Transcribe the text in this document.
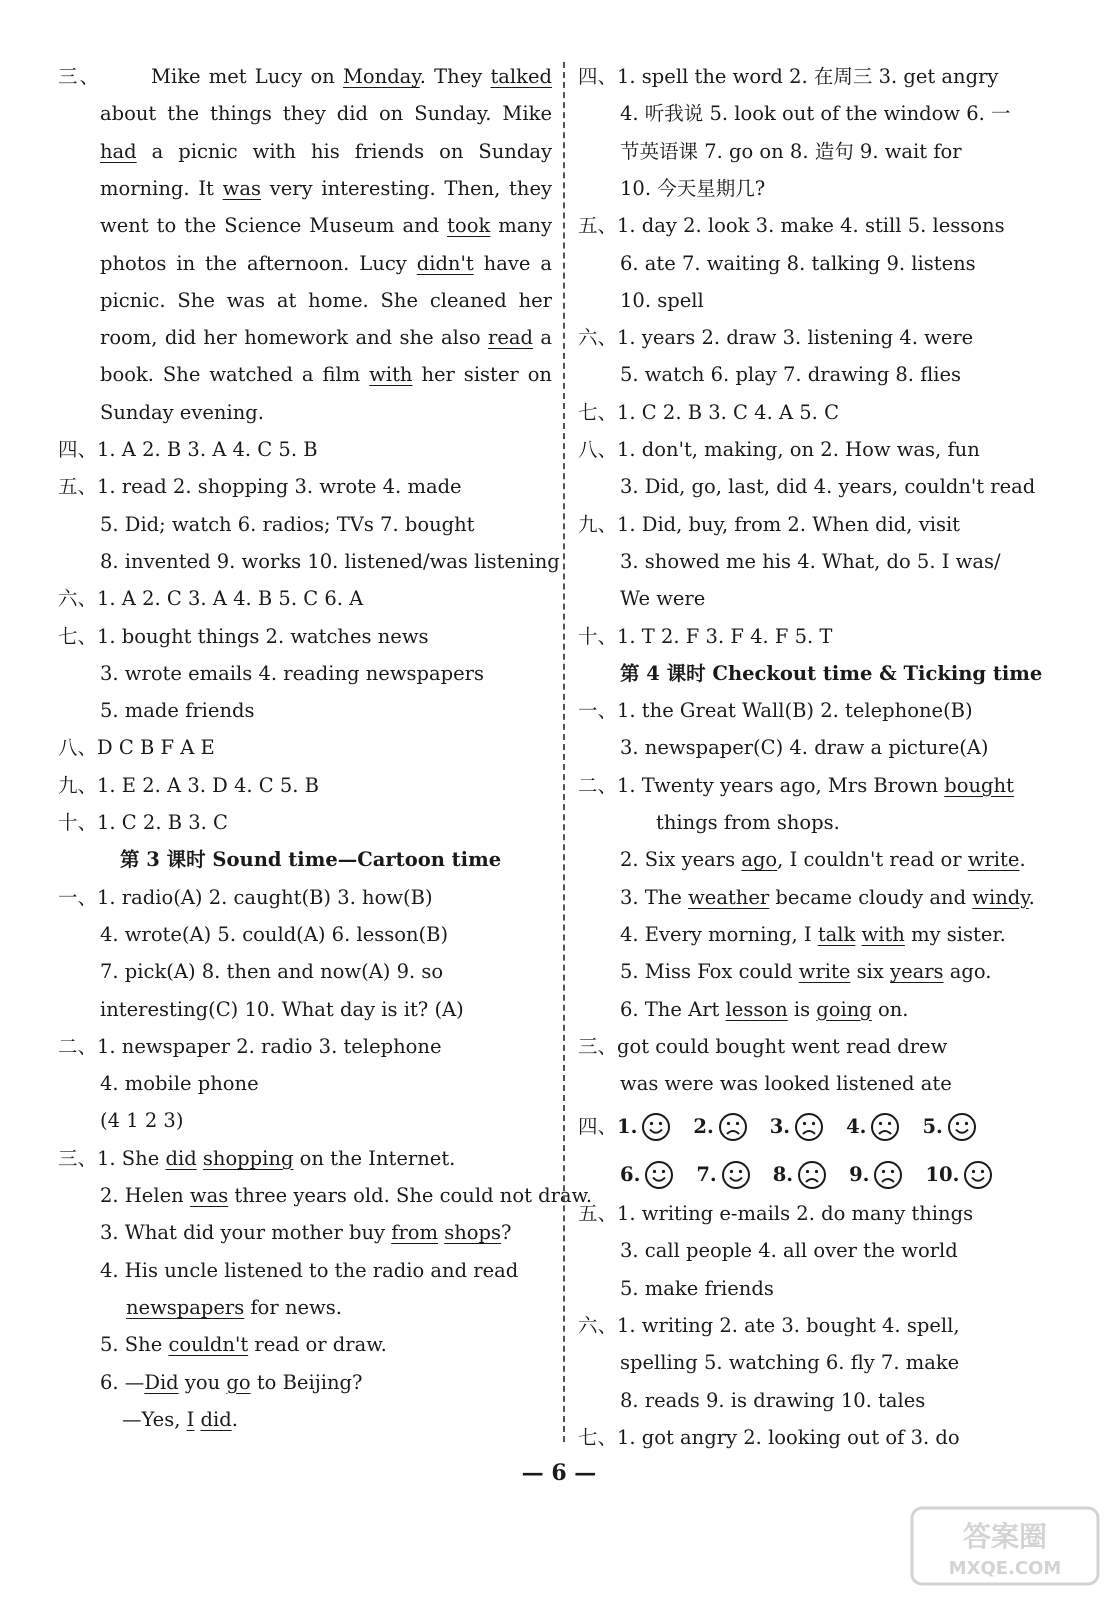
三、	Mike met Lucy on Monday. They talked
about the things they did on Sunday. Mike
had a picnic with his friends on Sunday
morning. It was very interesting. Then, they
went to the Science Museum and took many
photos in the afternoon. Lucy didn't have a
picnic. She was at home. She cleaned her
room, did her homework and she also read a
book. She watched a film with her sister on
Sunday evening.
四、1. A 2. B 3. A 4. C 5. B
五、1. read 2. shopping 3. wrote 4. made
5. Did; watch 6. radios; TVs 7. bought
8. invented 9. works 10. listened/was listening
六、1. A 2. C 3. A 4. B 5. C 6. A
七、1. bought things 2. watches news
3. wrote emails 4. reading newspapers
5. made friends
八、D C B F A E
九、1. E 2. A 3. D 4. C 5. B
十、1. C 2. B 3. C
第 3 课时 Sound time—Cartoon time
一、1. radio(A) 2. caught(B) 3. how(B)
4. wrote(A) 5. could(A) 6. lesson(B)
7. pick(A) 8. then and now(A) 9. so
interesting(C) 10. What day is it? (A)
二、1. newspaper 2. radio 3. telephone
4. mobile phone
(4 1 2 3)
三、1. She did shopping on the Internet.
2. Helen was three years old. She could not draw.
3. What did your mother buy from shops?
4. His uncle listened to the radio and read
newspapers for news.
5. She couldn't read or draw.
6. —Did you go to Beijing?
—Yes, I did.
四、1. spell the word 2. 在周三 3. get angry
4. 听我说 5. look out of the window 6. 一
节英语课 7. go on 8. 造句 9. wait for
10. 今天星期几?
五、1. day 2. look 3. make 4. still 5. lessons
6. ate 7. waiting 8. talking 9. listens
10. spell
六、1. years 2. draw 3. listening 4. were
5. watch 6. play 7. drawing 8. flies
七、1. C 2. B 3. C 4. A 5. C
八、1. don't, making, on 2. How was, fun
3. Did, go, last, did 4. years, couldn't read
九、1. Did, buy, from 2. When did, visit
3. showed me his 4. What, do 5. I was/
We were
十、1. T 2. F 3. F 4. F 5. T
第 4 课时 Checkout time & Ticking time
一、1. the Great Wall(B) 2. telephone(B)
3. newspaper(C) 4. draw a picture(A)
二、1. Twenty years ago, Mrs Brown bought
things from shops.
2. Six years ago, I couldn't read or write.
3. The weather became cloudy and windy.
4. Every morning, I talk with my sister.
5. Miss Fox could write six years ago.
6. The Art lesson is going on.
三、got could bought went read drew
was were was looked listened ate
四、 1.	2.	3.	4.	5.
6.	7.	8.	9.	10.
五、1. writing e-mails 2. do many things
3. call people 4. all over the world
5. make friends
六、1. writing 2. ate 3. bought 4. spell,
spelling 5. watching 6. fly 7. make
8. reads 9. is drawing 10. tales
七、1. got angry 2. looking out of 3. do
— 6 —
答案圈
MXQE.COM
